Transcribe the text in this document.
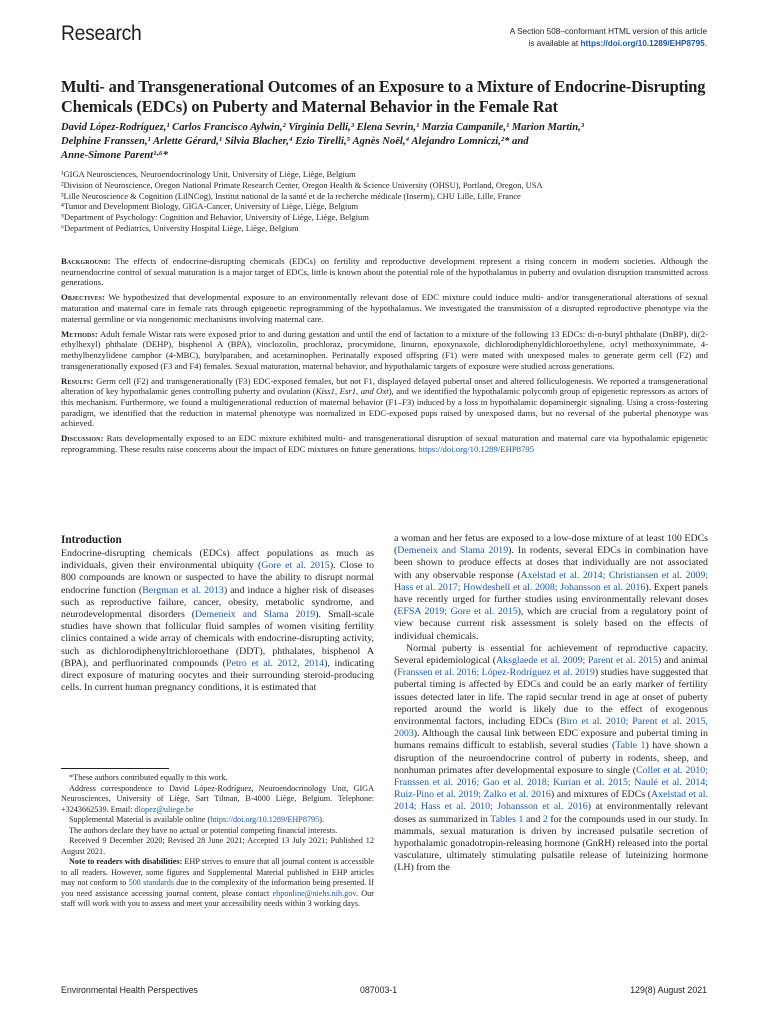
Research	A Section 508–conformant HTML version of this article
is available at https://doi.org/10.1289/EHP8795.
Multi- and Transgenerational Outcomes of an Exposure to a Mixture of Endocrine-Disrupting Chemicals (EDCs) on Puberty and Maternal Behavior in the Female Rat
David López-Rodríguez,¹ Carlos Francisco Aylwin,² Virginia Delli,³ Elena Sevrin,¹ Marzia Campanile,¹ Marion Martin,³
Delphine Franssen,¹ Arlette Gérard,¹ Silvia Blacher,⁴ Ezio Tirelli,⁵ Agnès Noël,⁴ Alejandro Lomniczi,²* and
Anne-Simone Parent¹·⁶*
¹GIGA Neurosciences, Neuroendocrinology Unit, University of Liège, Liège, Belgium
²Division of Neuroscience, Oregon National Primate Research Center, Oregon Health & Science University (OHSU), Portland, Oregon, USA
³Lille Neuroscience & Cognition (LilNCog), Institut national de la santé et de la recherche médicale (Inserm), CHU Lille, Lille, France
⁴Tumor and Development Biology, GIGA-Cancer, University of Liège, Liège, Belgium
⁵Department of Psychology: Cognition and Behavior, University of Liège, Liège, Belgium
⁶Department of Pediatrics, University Hospital Liège, Liège, Belgium

Background: The effects of endocrine-disrupting chemicals (EDCs) on fertility and reproductive development represent a rising concern in modern societies. Although the neuroendocrine control of sexual maturation is a major target of EDCs, little is known about the potential role of the hypothalamus in puberty and ovulation disruption transmitted across generations.

Objectives: We hypothesized that developmental exposure to an environmentally relevant dose of EDC mixture could induce multi- and/or transgenerational alterations of sexual maturation and maternal care in female rats through epigenetic reprogramming of the hypothalamus. We investigated the transmission of a disrupted reproductive phenotype via the maternal germline or via nongenomic mechanisms involving maternal care.

Methods: Adult female Wistar rats were exposed prior to and during gestation and until the end of lactation to a mixture of the following 13 EDCs: di-n-butyl phthalate (DnBP), di(2-ethylhexyl) phthalate (DEHP), bisphenol A (BPA), vinclozolin, prochloraz, procymidone, linuron, epoxynaxole, dichlorodiphenyldichloroethylene, octyl methoxynimmate, 4-methylbenzylidene camphor (4-MBC), butylparaben, and acetaminophen. Perinatally exposed offspring (F1) were mated with unexposed males to generate germ cell (F2) and transgenerationally exposed (F3 and F4) females. Sexual maturation, maternal behavior, and hypothalamic targets of exposure were studied across generations.

Results: Germ cell (F2) and transgenerationally (F3) EDC-exposed females, but not F1, displayed delayed pubertal onset and altered folliculogenesis. We reported a transgenerational alteration of key hypothalamic genes controlling puberty and ovulation (Kiss1, Esr1, and Oxt), and we identified the hypothalamic polycomb group of epigenetic repressors as actors of this mechanism. Furthermore, we found a multigenerational reduction of maternal behavior (F1–F3) induced by a loss in hypothalamic dopaminergic signaling. Using a cross-fostering paradigm, we identified that the reduction in maternal phenotype was normalized in EDC-exposed pups raised by unexposed dams, but no reversal of the pubertal phenotype was achieved.

Discussion: Rats developmentally exposed to an EDC mixture exhibited multi- and transgenerational disruption of sexual maturation and maternal care via hypothalamic epigenetic reprogramming. These results raise concerns about the impact of EDC mixtures on future generations. https://doi.org/10.1289/EHP8795

Introduction

Endocrine-disrupting chemicals (EDCs) affect populations as much as individuals, given their environmental ubiquity (Gore et al. 2015). Close to 800 compounds are known or suspected to have the ability to disrupt normal endocrine function (Bergman et al. 2013) and induce a higher risk of diseases such as reproductive failure, cancer, obesity, metabolic syndrome, and neurodevelopmental disorders (Demeneix and Slama 2019). Small-scale studies have shown that follicular fluid samples of women visiting fertility clinics contained a wide array of chemicals with endocrine-disrupting activity, such as dichlorodiphenyltrichloroethane (DDT), phthalates, bisphenol A (BPA), and perfluorinated compounds (Petro et al. 2012, 2014), indicating direct exposure of maturing oocytes and their surrounding steroid-producing cells. In current human pregnancy conditions, it is estimated that

*These authors contributed equally to this work.

Address correspondence to David López-Rodríguez, Neuroendocrinology Unit, GIGA Neurosciences, University of Liège, Sart Tilman, B-4000 Liège, Belgium. Telephone: +3243662539. Email: dlopez@uliege.be

Supplemental Material is available online (https://doi.org/10.1289/EHP8795).

The authors declare they have no actual or potential competing financial interests.

Received 9 December 2020; Revised 28 June 2021; Accepted 13 July 2021; Published 12 August 2021.

Note to readers with disabilities: EHP strives to ensure that all journal content is accessible to all readers. However, some figures and Supplemental Material published in EHP articles may not conform to 508 standards due to the complexity of the information being presented. If you need assistance accessing journal content, please contact ehponline@niehs.nih.gov. Our staff will work with you to assess and meet your accessibility needs within 3 working days.

a woman and her fetus are exposed to a low-dose mixture of at least 100 EDCs (Demeneix and Slama 2019). In rodents, several EDCs in combination have been shown to produce effects at doses that individually are not associated with any observable response (Axelstad et al. 2014; Christiansen et al. 2009; Hass et al. 2017; Howdeshell et al. 2008; Johansson et al. 2016). Expert panels have recently urged for further studies using environmentally relevant doses (EFSA 2019; Gore et al. 2015), which are crucial from a regulatory point of view because current risk assessment is solely based on the effects of individual chemicals.

Normal puberty is essential for achievement of reproductive capacity. Several epidemiological (Aksglaede et al. 2009; Parent et al. 2015) and animal (Franssen et al. 2016; López-Rodríguez et al. 2019) studies have suggested that pubertal timing is affected by EDCs and could be an early marker of fertility issues detected later in life. The rapid secular trend in age at onset of puberty reported around the world is likely due to the effect of exogenous environmental factors, including EDCs (Biro et al. 2010; Parent et al. 2015, 2003). Although the causal link between EDC exposure and pubertal timing in humans remains difficult to establish, several studies (Table 1) have shown a disruption of the neuroendocrine control of puberty in rodents, sheep, and nonhuman primates after developmental exposure to single (Collet et al. 2010; Franssen et al. 2016; Gao et al. 2018; Kurian et al. 2015; Naulé et al. 2014; Ruiz-Pino et al. 2019; Zalko et al. 2016) and mixtures of EDCs (Axelstad et al. 2014; Hass et al. 2010; Johansson et al. 2016) at environmentally relevant doses as summarized in Tables 1 and 2 for the compounds used in our study. In mammals, sexual maturation is driven by increased pulsatile secretion of hypothalamic gonadotropin-releasing hormone (GnRH) released into the portal vasculature, ultimately stimulating pulsatile release of luteinizing hormone (LH) from the

Environmental Health Perspectives	087003-1	129(8) August 2021
